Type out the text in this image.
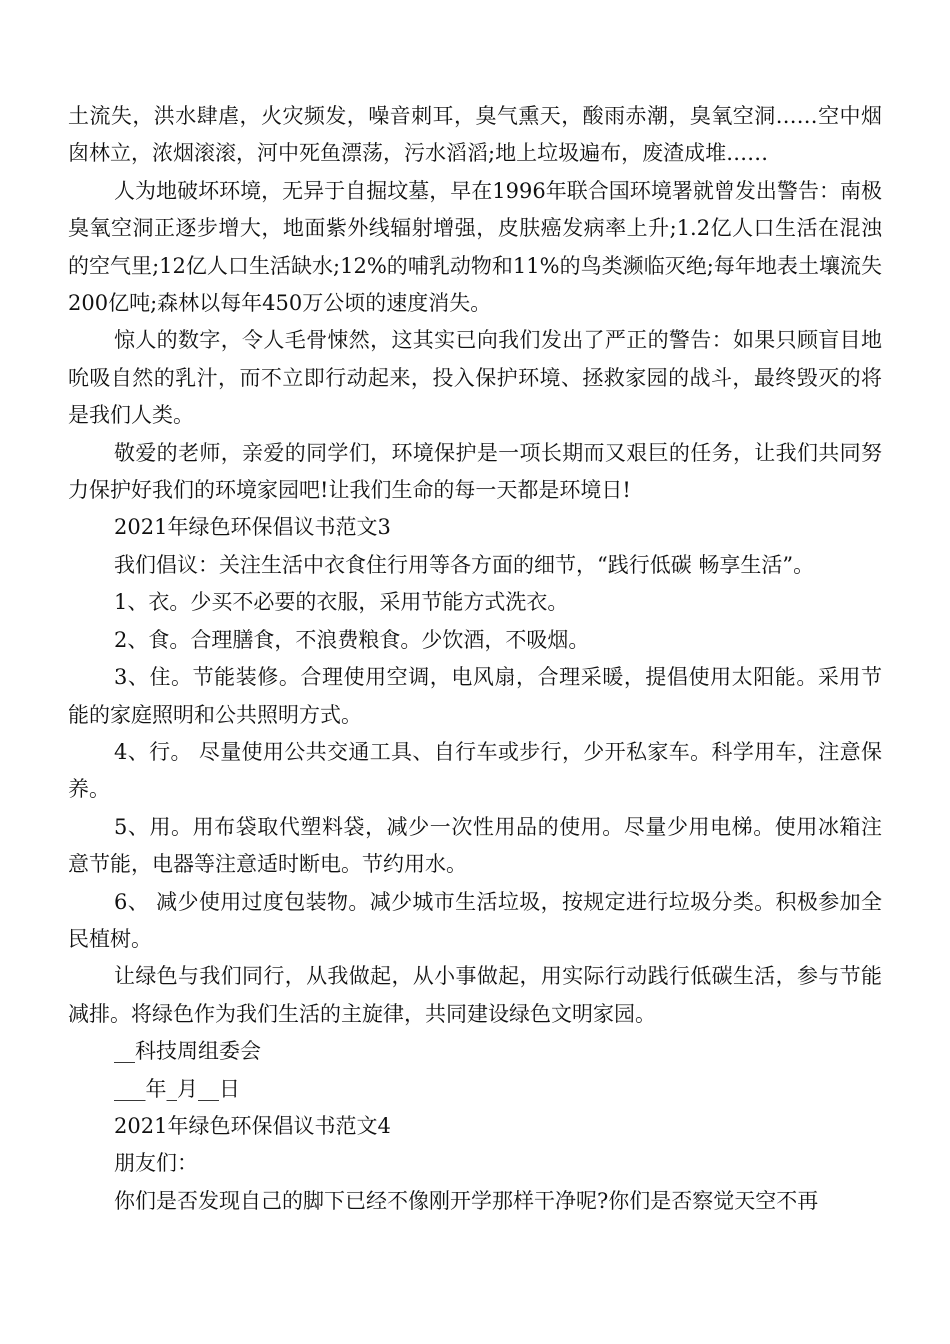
土流失，洪水肆虐，火灾频发，噪音刺耳，臭气熏天，酸雨赤潮，臭氧空洞……空中烟囱林立，浓烟滚滚，河中死鱼漂荡，污水滔滔;地上垃圾遍布，废渣成堆……

人为地破坏环境，无异于自掘坟墓，早在1996年联合国环境署就曾发出警告：南极臭氧空洞正逐步增大，地面紫外线辐射增强，皮肤癌发病率上升;1.2亿人口生活在混浊的空气里;12亿人口生活缺水;12%的哺乳动物和11%的鸟类濒临灭绝;每年地表土壤流失200亿吨;森林以每年450万公顷的速度消失。

惊人的数字，令人毛骨悚然，这其实已向我们发出了严正的警告：如果只顾盲目地吮吸自然的乳汁，而不立即行动起来，投入保护环境、拯救家园的战斗，最终毁灭的将是我们人类。

敬爱的老师，亲爱的同学们，环境保护是一项长期而又艰巨的任务，让我们共同努力保护好我们的环境家园吧!让我们生命的每一天都是环境日!

2021年绿色环保倡议书范文3

我们倡议：关注生活中衣食住行用等各方面的细节，“践行低碳 畅享生活”。

1、衣。少买不必要的衣服，采用节能方式洗衣。

2、食。合理膳食，不浪费粮食。少饮酒，不吸烟。

3、住。节能装修。合理使用空调，电风扇，合理采暖，提倡使用太阳能。采用节能的家庭照明和公共照明方式。

4、行。 尽量使用公共交通工具、自行车或步行，少开私家车。科学用车，注意保养。

5、用。用布袋取代塑料袋，减少一次性用品的使用。尽量少用电梯。使用冰箱注意节能，电器等注意适时断电。节约用水。

6、 减少使用过度包装物。减少城市生活垃圾，按规定进行垃圾分类。积极参加全民植树。

让绿色与我们同行，从我做起，从小事做起，用实际行动践行低碳生活，参与节能减排。将绿色作为我们生活的主旋律，共同建设绿色文明家园。

__科技周组委会

___年_月__日

2021年绿色环保倡议书范文4

朋友们：

你们是否发现自己的脚下已经不像刚开学那样干净呢?你们是否察觉天空不再
